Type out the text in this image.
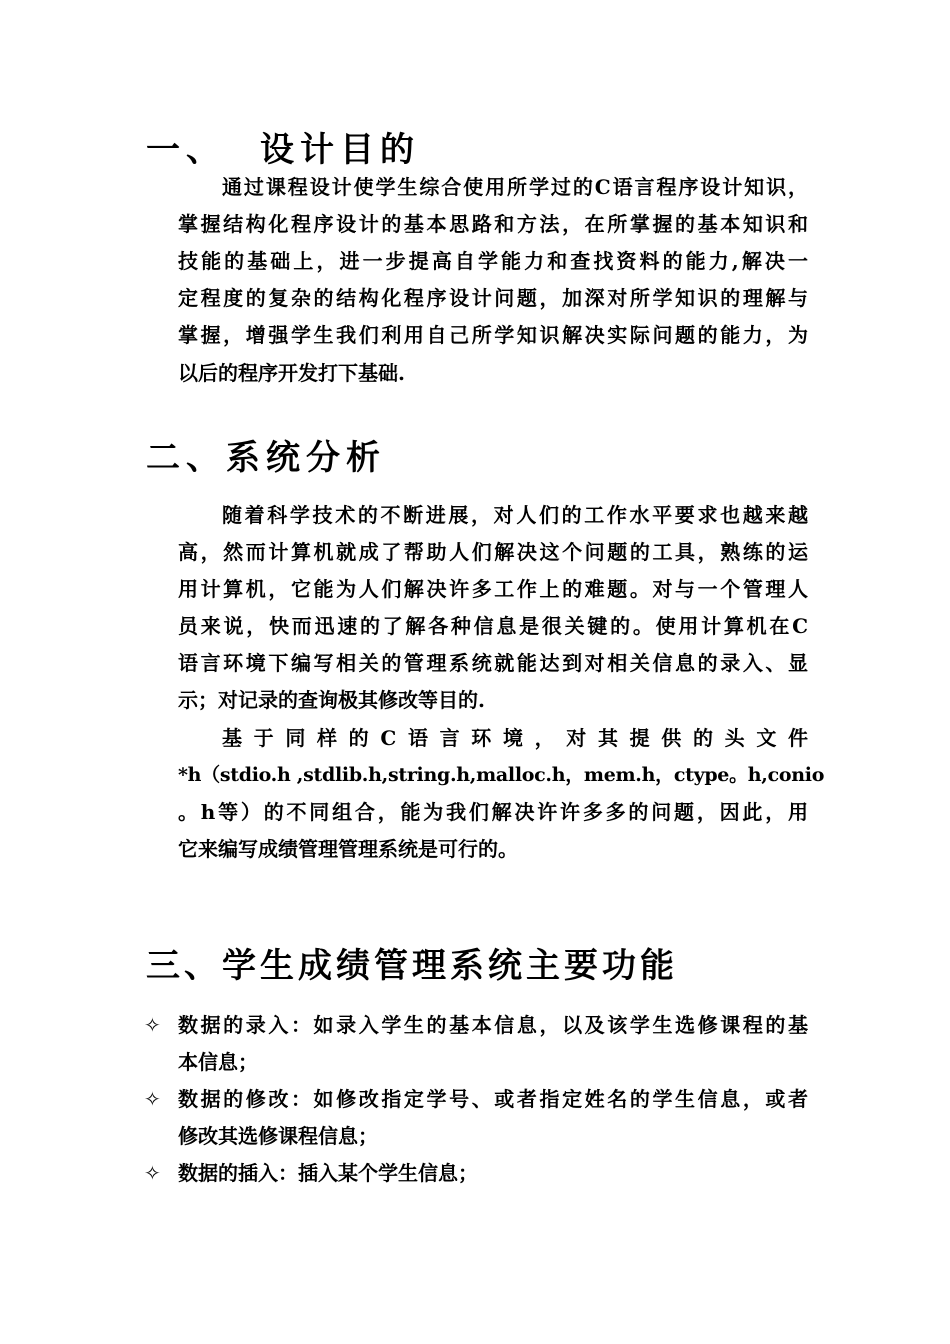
一、 设计目的
通过课程设计使学生综合使用所学过的C语言程序设计知识，
掌握结构化程序设计的基本思路和方法，在所掌握的基本知识和
技能的基础上，进一步提高自学能力和查找资料的能力,解决一
定程度的复杂的结构化程序设计问题，加深对所学知识的理解与
掌握，增强学生我们利用自己所学知识解决实际问题的能力，为
以后的程序开发打下基础.
二、系统分析
随着科学技术的不断进展，对人们的工作水平要求也越来越
高，然而计算机就成了帮助人们解决这个问题的工具，熟练的运
用计算机，它能为人们解决许多工作上的难题。对与一个管理人
员来说，快而迅速的了解各种信息是很关键的。使用计算机在C
语言环境下编写相关的管理系统就能达到对相关信息的录入、显
示；对记录的查询极其修改等目的.
基于同样的C语言环境，对其提供的头文件
*h（stdio.h ,stdlib.h,string.h,malloc.h，mem.h，ctype。h,conio
。h等）的不同组合，能为我们解决许许多多的问题，因此，用
它来编写成绩管理管理系统是可行的。
三、学生成绩管理系统主要功能
✧ 数据的录入：如录入学生的基本信息，以及该学生选修课程的基
本信息；
✧ 数据的修改：如修改指定学号、或者指定姓名的学生信息，或者
修改其选修课程信息；
✧ 数据的插入：插入某个学生信息；
